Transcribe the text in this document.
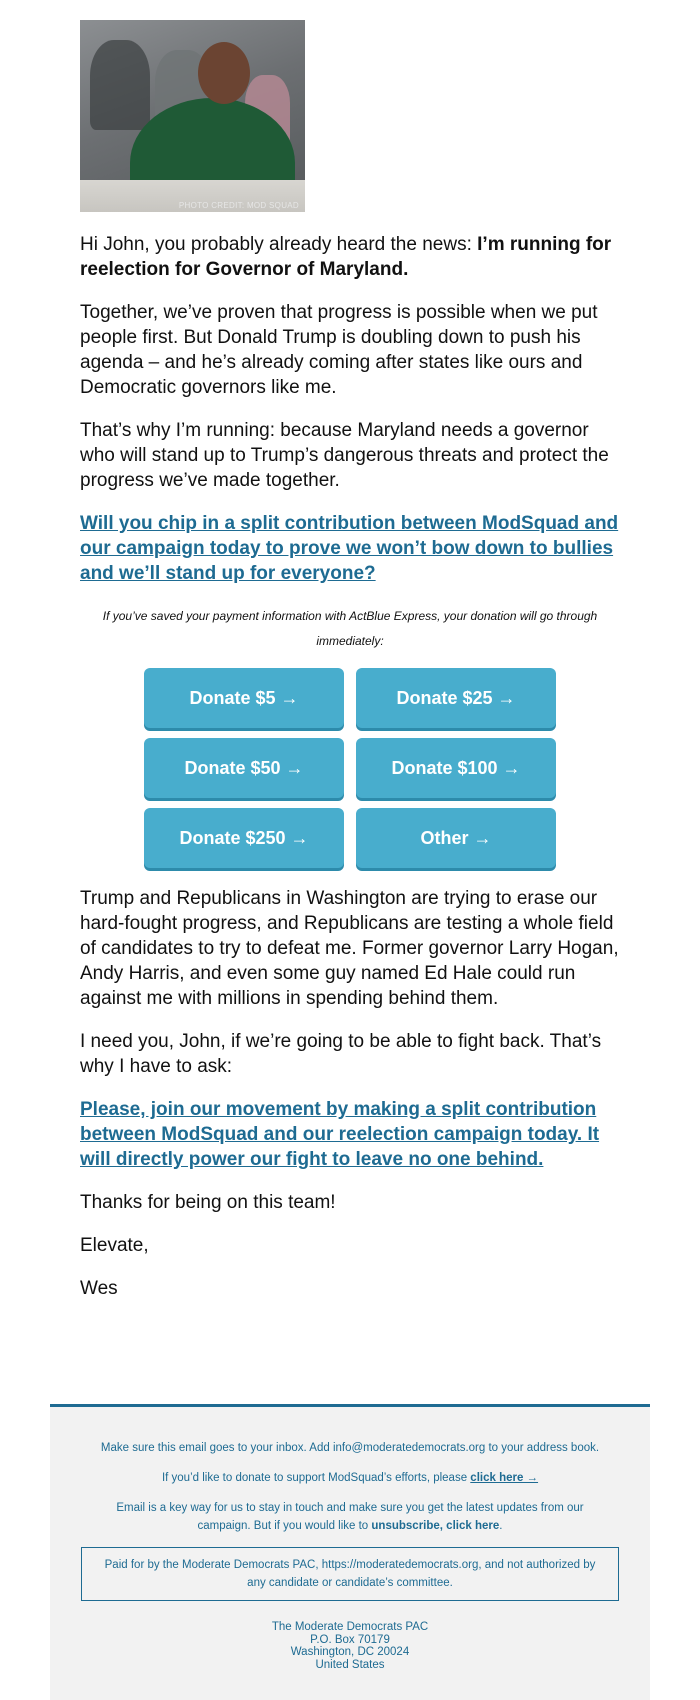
PHOTO CREDIT: MOD SQUAD

Hi John, you probably already heard the news: I’m running for reelection for Governor of Maryland.

Together, we’ve proven that progress is possible when we put people first. But Donald Trump is doubling down to push his agenda – and he’s already coming after states like ours and Democratic governors like me.

That’s why I’m running: because Maryland needs a governor who will stand up to Trump’s dangerous threats and protect the progress we’ve made together.

Will you chip in a split contribution between ModSquad and our campaign today to prove we won’t bow down to bullies and we’ll stand up for everyone?
If you’ve saved your payment information with ActBlue Express, your donation will go through immediately:
Donate $5 →	Donate $25 →
Donate $50 →	Donate $100 →
Donate $250 →	Other →

Trump and Republicans in Washington are trying to erase our hard-fought progress, and Republicans are testing a whole field of candidates to try to defeat me. Former governor Larry Hogan, Andy Harris, and even some guy named Ed Hale could run against me with millions in spending behind them.

I need you, John, if we’re going to be able to fight back. That’s why I have to ask:

Please, join our movement by making a split contribution between ModSquad and our reelection campaign today. It will directly power our fight to leave no one behind.

Thanks for being on this team!

Elevate,

Wes

Make sure this email goes to your inbox. Add info@moderatedemocrats.org to your address book.

If you’d like to donate to support ModSquad’s efforts, please click here →

Email is a key way for us to stay in touch and make sure you get the latest updates from our campaign. But if you would like to unsubscribe, click here.

Paid for by the Moderate Democrats PAC, https://moderatedemocrats.org, and not authorized by any candidate or candidate’s committee.
The Moderate Democrats PAC
P.O. Box 70179
Washington, DC 20024
United States
